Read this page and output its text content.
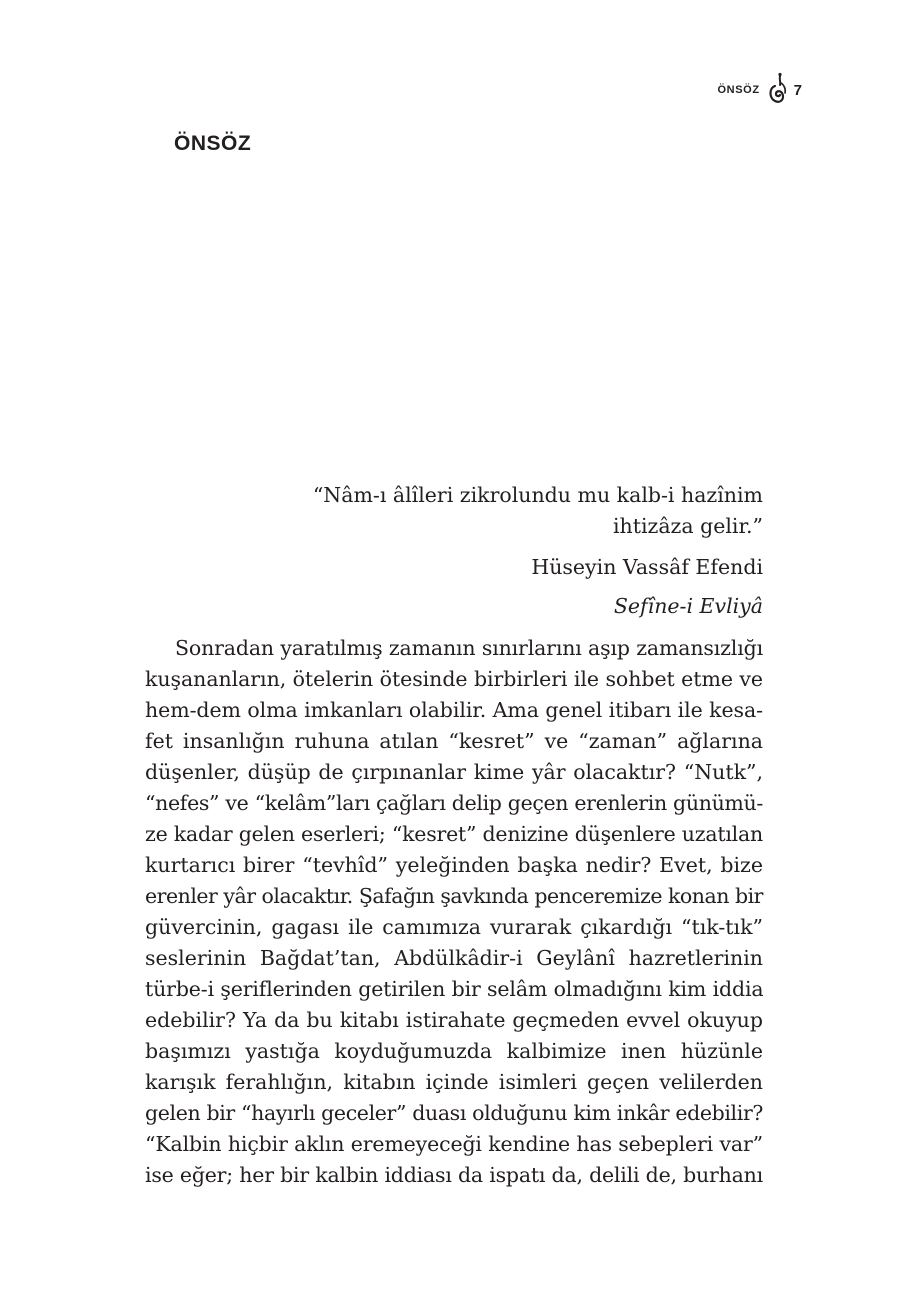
ÖNSÖZ 7
ÖNSÖZ

“Nâm-ı âlîleri zikrolundu mu kalb-i hazînim

ihtizâza gelir.”

Hüseyin Vassâf Efendi

Sefîne-i Evliyâ

Sonradan yaratılmış zamanın sınırlarını aşıp zamansızlığı
kuşananların, ötelerin ötesinde birbirleri ile sohbet etme ve
hem-dem olma imkanları olabilir. Ama genel itibarı ile kesa-
fet insanlığın ruhuna atılan “kesret” ve “zaman” ağlarına
düşenler, düşüp de çırpınanlar kime yâr olacaktır? “Nutk”,
“nefes” ve “kelâm”ları çağları delip geçen erenlerin günümü-
ze kadar gelen eserleri; “kesret” denizine düşenlere uzatılan
kurtarıcı birer “tevhîd” yeleğinden başka nedir? Evet, bize
erenler yâr olacaktır. Şafağın şavkında penceremize konan bir
güvercinin, gagası ile camımıza vurarak çıkardığı “tık-tık”
seslerinin Bağdat’tan, Abdülkâdir-i Geylânî hazretlerinin
türbe-i şeriflerinden getirilen bir selâm olmadığını kim iddia
edebilir? Ya da bu kitabı istirahate geçmeden evvel okuyup
başımızı yastığa koyduğumuzda kalbimize inen hüzünle
karışık ferahlığın, kitabın içinde isimleri geçen velilerden
gelen bir “hayırlı geceler” duası olduğunu kim inkâr edebilir?
“Kalbin hiçbir aklın eremeyeceği kendine has sebepleri var”
ise eğer; her bir kalbin iddiası da ispatı da, delili de, burhanı
